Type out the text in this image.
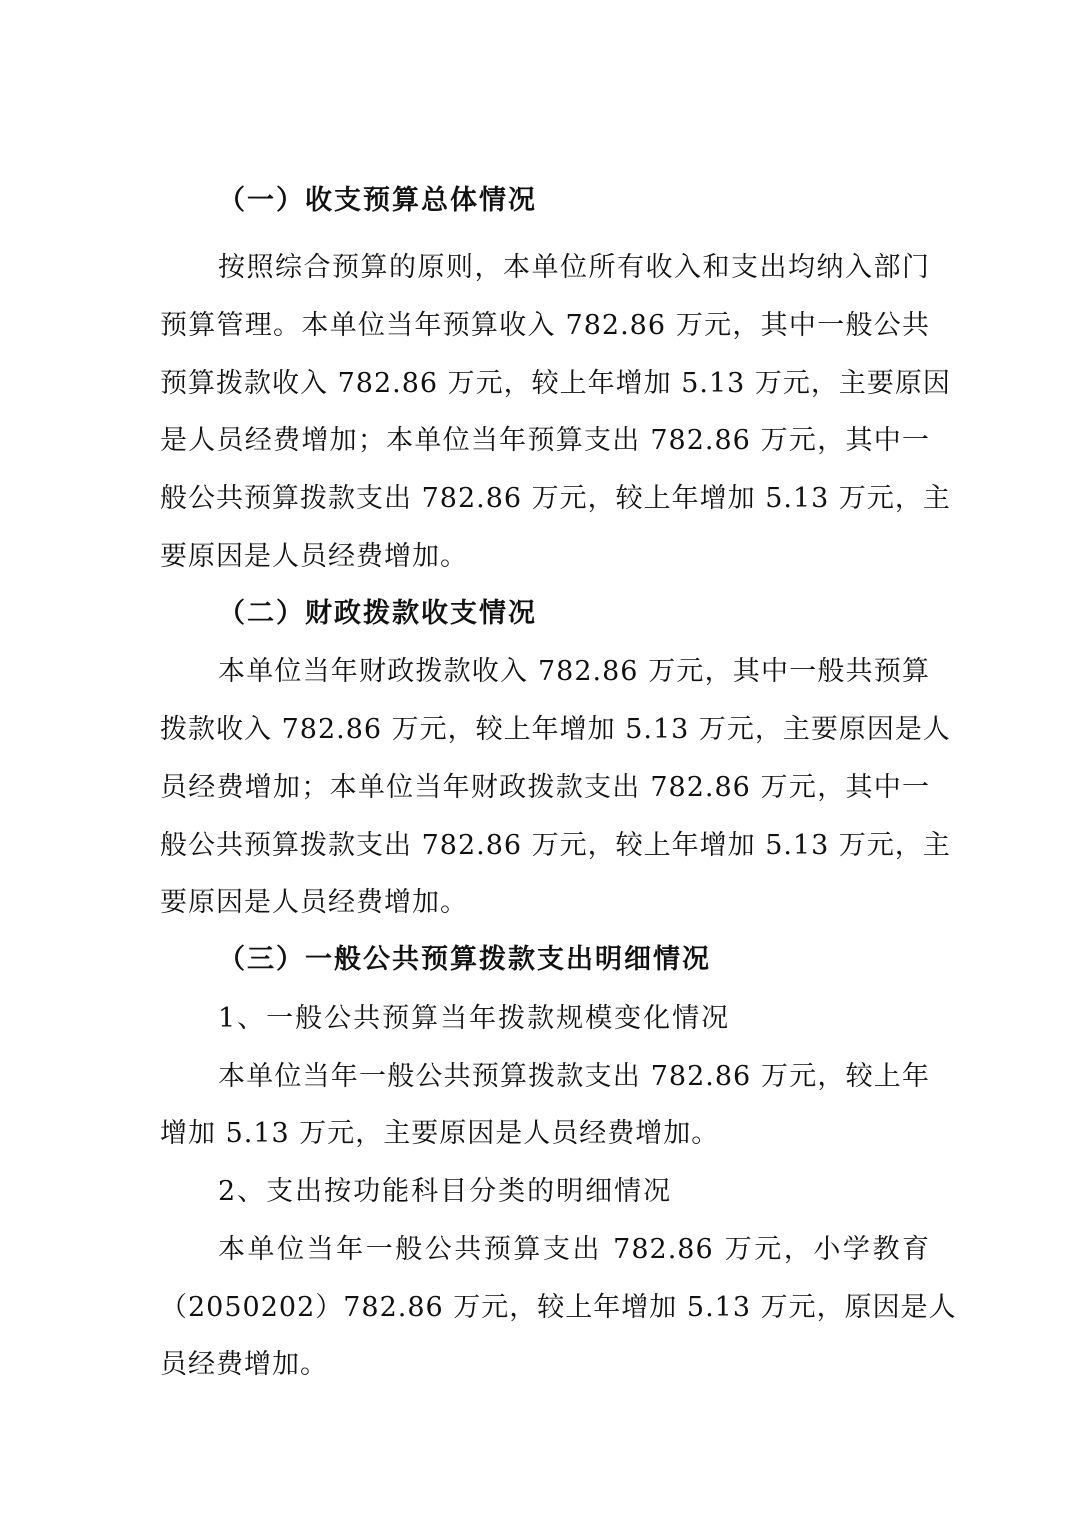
（一）收支预算总体情况
按照综合预算的原则，本单位所有收入和支出均纳入部门
预算管理。本单位当年预算收入 782.86 万元，其中一般公共
预算拨款收入 782.86 万元，较上年增加 5.13 万元，主要原因
是人员经费增加；本单位当年预算支出 782.86 万元，其中一
般公共预算拨款支出 782.86 万元，较上年增加 5.13 万元，主
要原因是人员经费增加。
（二）财政拨款收支情况
本单位当年财政拨款收入 782.86 万元，其中一般共预算
拨款收入 782.86 万元，较上年增加 5.13 万元，主要原因是人
员经费增加；本单位当年财政拨款支出 782.86 万元，其中一
般公共预算拨款支出 782.86 万元，较上年增加 5.13 万元，主
要原因是人员经费增加。
（三）一般公共预算拨款支出明细情况
1、一般公共预算当年拨款规模变化情况
本单位当年一般公共预算拨款支出 782.86 万元，较上年
增加 5.13 万元，主要原因是人员经费增加。
2、支出按功能科目分类的明细情况
本单位当年一般公共预算支出 782.86 万元，小学教育
（2050202）782.86 万元，较上年增加 5.13 万元，原因是人
员经费增加。
